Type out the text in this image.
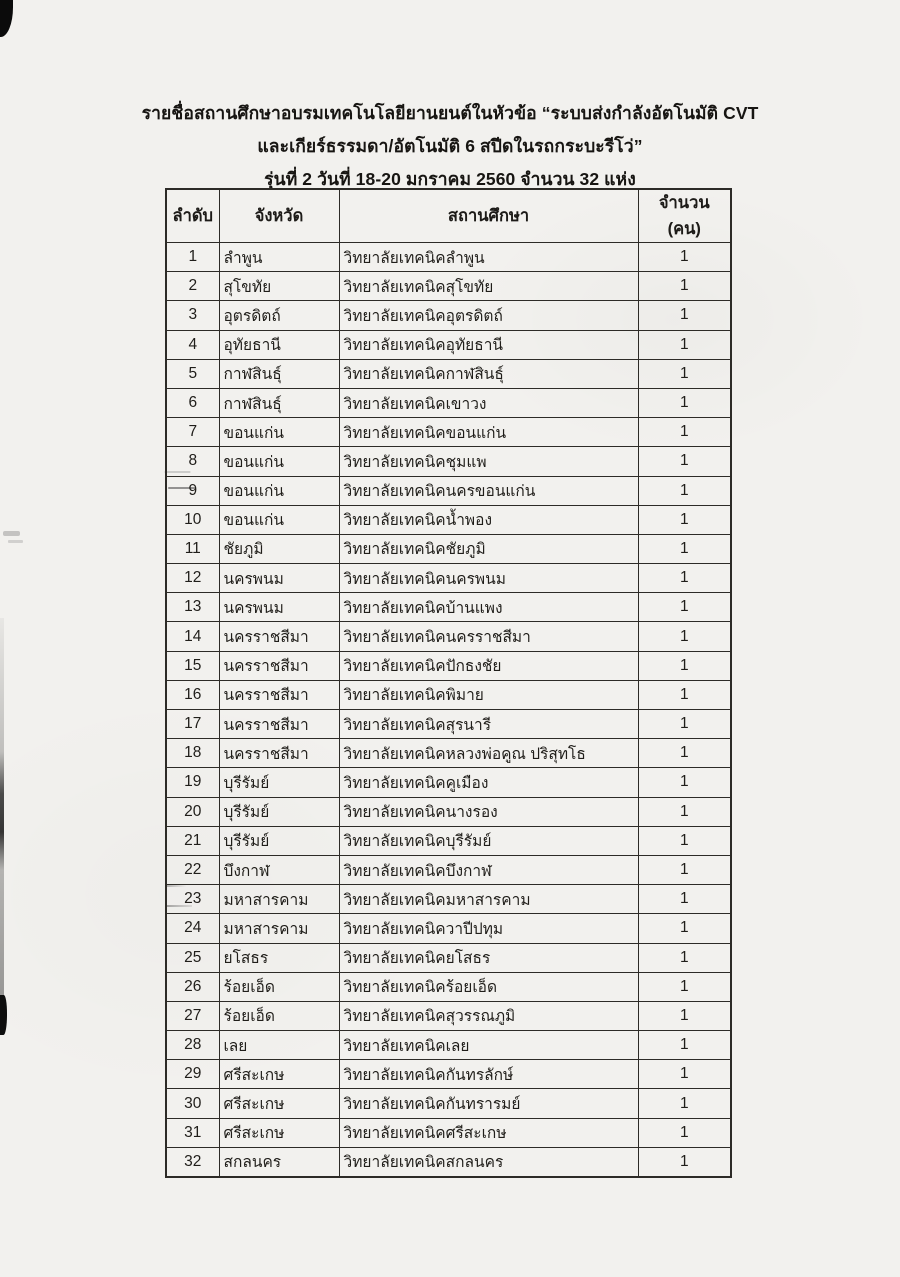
รายชื่อสถานศึกษาอบรมเทคโนโลยียานยนต์ในหัวข้อ “ระบบส่งกำลังอัตโนมัติ CVT
และเกียร์ธรรมดา/อัตโนมัติ 6 สปีดในรถกระบะรีโว่”
รุ่นที่ 2 วันที่ 18-20 มกราคม 2560 จำนวน 32 แห่ง
ลำดับ	จังหวัด	สถานศึกษา	จำนวน (คน)
1	ลำพูน	วิทยาลัยเทคนิคลำพูน	1
2	สุโขทัย	วิทยาลัยเทคนิคสุโขทัย	1
3	อุตรดิตถ์	วิทยาลัยเทคนิคอุตรดิตถ์	1
4	อุทัยธานี	วิทยาลัยเทคนิคอุทัยธานี	1
5	กาฬสินธุ์	วิทยาลัยเทคนิคกาฬสินธุ์	1
6	กาฬสินธุ์	วิทยาลัยเทคนิคเขาวง	1
7	ขอนแก่น	วิทยาลัยเทคนิคขอนแก่น	1
8	ขอนแก่น	วิทยาลัยเทคนิคชุมแพ	1
9	ขอนแก่น	วิทยาลัยเทคนิคนครขอนแก่น	1
10	ขอนแก่น	วิทยาลัยเทคนิคน้ำพอง	1
11	ชัยภูมิ	วิทยาลัยเทคนิคชัยภูมิ	1
12	นครพนม	วิทยาลัยเทคนิคนครพนม	1
13	นครพนม	วิทยาลัยเทคนิคบ้านแพง	1
14	นครราชสีมา	วิทยาลัยเทคนิคนครราชสีมา	1
15	นครราชสีมา	วิทยาลัยเทคนิคปักธงชัย	1
16	นครราชสีมา	วิทยาลัยเทคนิคพิมาย	1
17	นครราชสีมา	วิทยาลัยเทคนิคสุรนารี	1
18	นครราชสีมา	วิทยาลัยเทคนิคหลวงพ่อคูณ ปริสุทโธ	1
19	บุรีรัมย์	วิทยาลัยเทคนิคคูเมือง	1
20	บุรีรัมย์	วิทยาลัยเทคนิคนางรอง	1
21	บุรีรัมย์	วิทยาลัยเทคนิคบุรีรัมย์	1
22	บึงกาฬ	วิทยาลัยเทคนิคบึงกาฬ	1
23	มหาสารคาม	วิทยาลัยเทคนิคมหาสารคาม	1
24	มหาสารคาม	วิทยาลัยเทคนิควาปีปทุม	1
25	ยโสธร	วิทยาลัยเทคนิคยโสธร	1
26	ร้อยเอ็ด	วิทยาลัยเทคนิคร้อยเอ็ด	1
27	ร้อยเอ็ด	วิทยาลัยเทคนิคสุวรรณภูมิ	1
28	เลย	วิทยาลัยเทคนิคเลย	1
29	ศรีสะเกษ	วิทยาลัยเทคนิคกันทรลักษ์	1
30	ศรีสะเกษ	วิทยาลัยเทคนิคกันทรารมย์	1
31	ศรีสะเกษ	วิทยาลัยเทคนิคศรีสะเกษ	1
32	สกลนคร	วิทยาลัยเทคนิคสกลนคร	1
